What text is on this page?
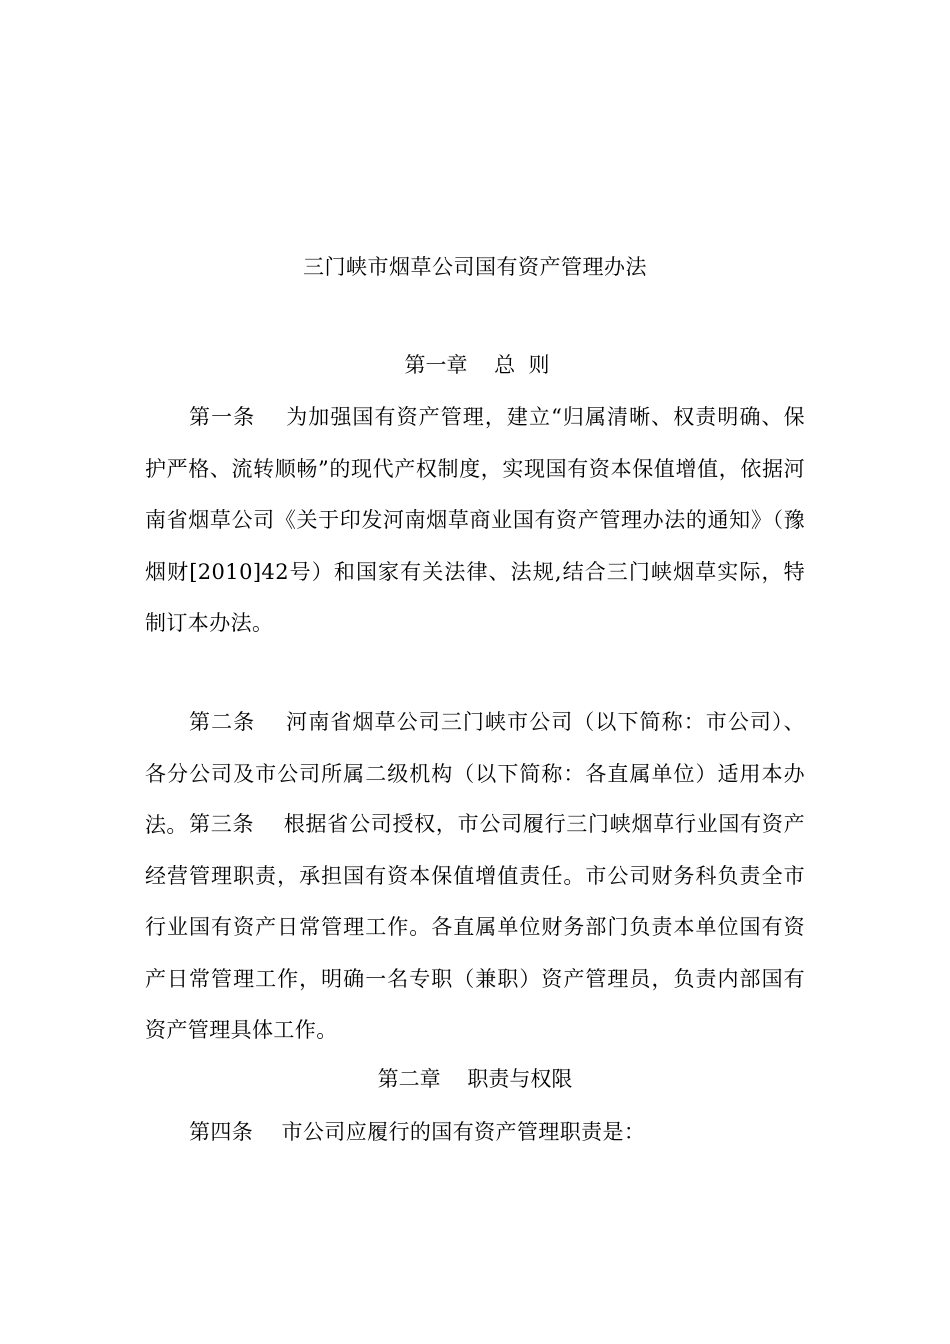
三门峡市烟草公司国有资产管理办法
第一章    总  则

第一条    为加强国有资产管理，建立“归属清晰、权责明确、保护严格、流转顺畅”的现代产权制度，实现国有资本保值增值，依据河南省烟草公司《关于印发河南烟草商业国有资产管理办法的通知》（豫烟财[2010]42号）和国家有关法律、法规,结合三门峡烟草实际，特制订本办法。

第二条    河南省烟草公司三门峡市公司（以下简称：市公司）、各分公司及市公司所属二级机构（以下简称：各直属单位）适用本办法。 第三条    根据省公司授权，市公司履行三门峡烟草行业国有资产经营管理职责，承担国有资本保值增值责任。市公司财务科负责全市行业国有资产日常管理工作。各直属单位财务部门负责本单位国有资产日常管理工作，明确一名专职（兼职）资产管理员，负责内部国有资产管理具体工作。

第二章    职责与权限

第四条    市公司应履行的国有资产管理职责是：
